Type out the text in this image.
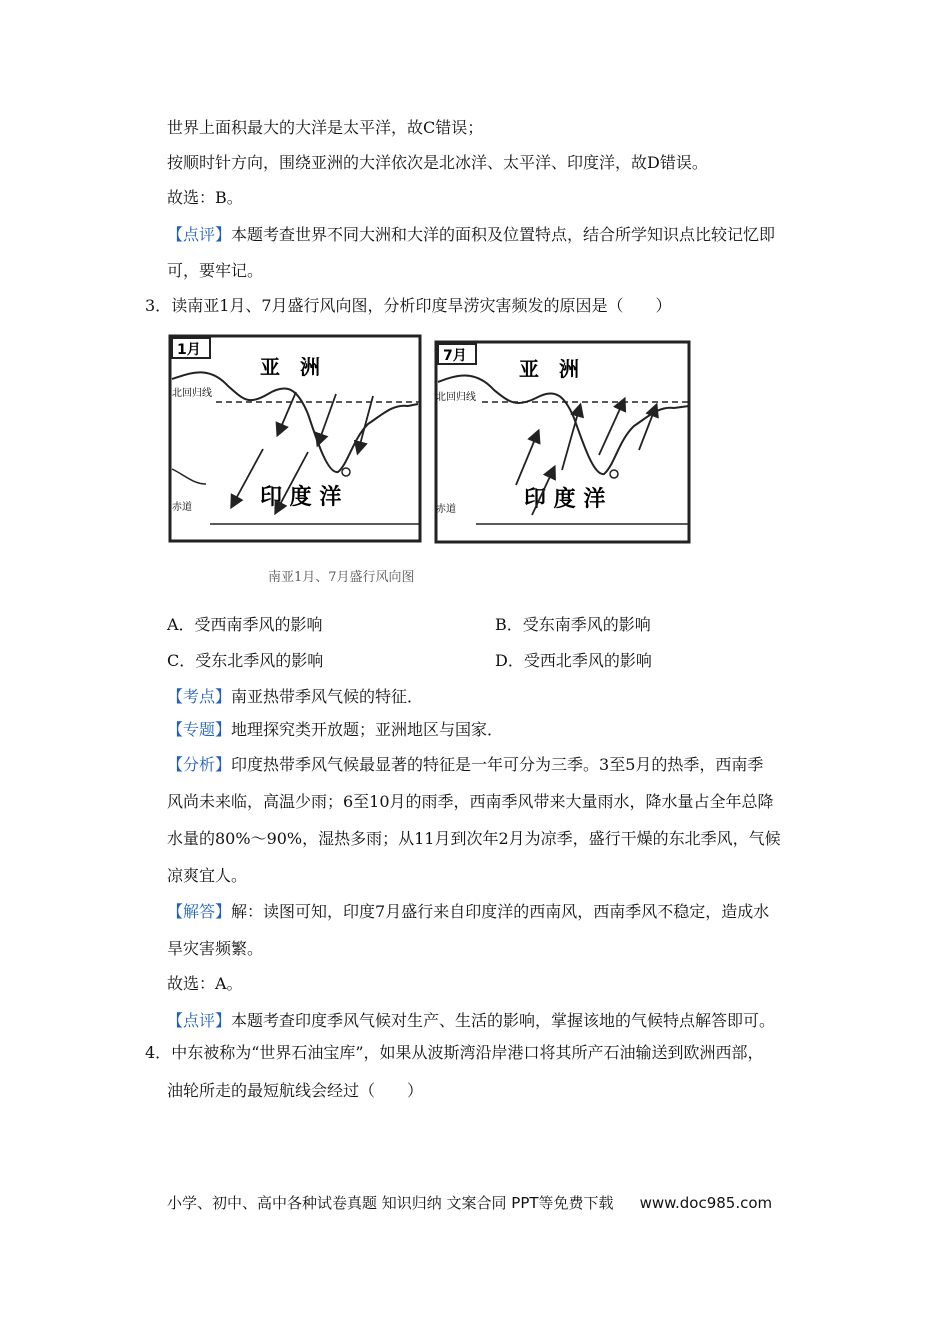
世界上面积最大的大洋是太平洋，故C错误；
按顺时针方向，围绕亚洲的大洋依次是北冰洋、太平洋、印度洋，故D错误。
故选：B。
【点评】本题考查世界不同大洲和大洋的面积及位置特点，结合所学知识点比较记忆即
可，要牢记。
3．读南亚1月、7月盛行风向图，分析印度旱涝灾害频发的原因是（　　）
1月
亚　洲
北回归线
赤道	印 度 洋
7月
亚　洲
北回归线
赤道	印 度 洋
南亚1月、7月盛行风向图
A．受西南季风的影响	B．受东南季风的影响
C．受东北季风的影响	D．受西北季风的影响
【考点】南亚热带季风气候的特征．
【专题】地理探究类开放题；亚洲地区与国家．
【分析】印度热带季风气候最显著的特征是一年可分为三季。3至5月的热季，西南季
风尚未来临，高温少雨；6至10月的雨季，西南季风带来大量雨水，降水量占全年总降
水量的80%～90%，湿热多雨；从11月到次年2月为凉季，盛行干燥的东北季风，气候
凉爽宜人。
【解答】解：读图可知，印度7月盛行来自印度洋的西南风，西南季风不稳定，造成水
旱灾害频繁。
故选：A。
【点评】本题考查印度季风气候对生产、生活的影响，掌握该地的气候特点解答即可。
4．中东被称为“世界石油宝库”，如果从波斯湾沿岸港口将其所产石油输送到欧洲西部，
油轮所走的最短航线会经过（　　）
小学、初中、高中各种试卷真题 知识归纳 文案合同 PPT等免费下载 www.doc985.com
